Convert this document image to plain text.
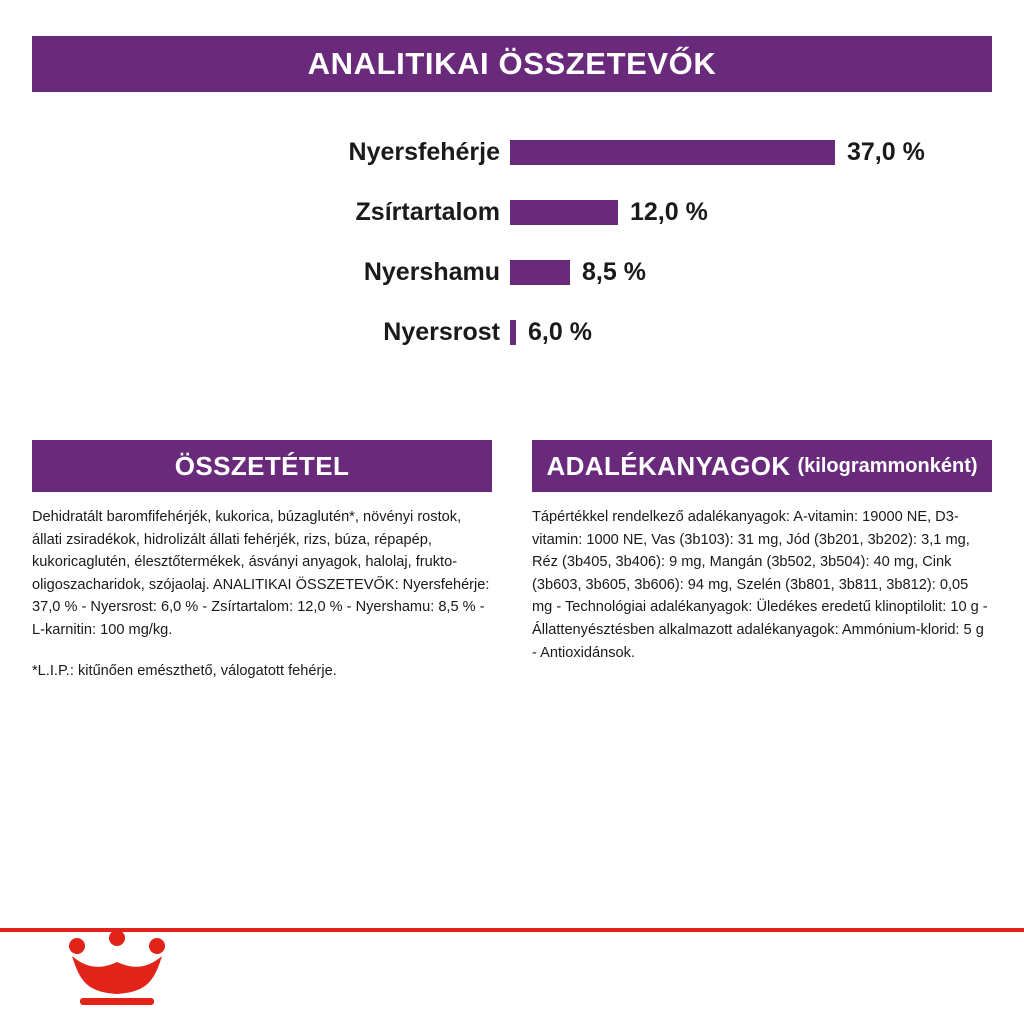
ANALITIKAI ÖSSZETEVŐK
Nyersfehérje	37,0 %
Zsírtartalom	12,0 %
Nyershamu	8,5 %
Nyersrost	6,0 %
ÖSSZETÉTEL

Dehidratált baromfifehérjék, kukorica, búzaglutén*, növényi rostok, állati zsiradékok, hidrolizált állati fehérjék, rizs, búza, répapép, kukoricaglutén, élesztőtermékek, ásványi anyagok, halolaj, frukto-oligoszacharidok, szójaolaj. ANALITIKAI ÖSSZETEVŐK: Nyersfehérje: 37,0 % - Nyersrost: 6,0 % - Zsírtartalom: 12,0 % - Nyershamu: 8,5 % - L-karnitin: 100 mg/kg.

*L.I.P.: kitűnően emészthető, válogatott fehérje.

ADALÉKANYAGOK (kilogrammonként)

Tápértékkel rendelkező adalékanyagok: A-vitamin: 19000 NE, D3-vitamin: 1000 NE, Vas (3b103): 31 mg, Jód (3b201, 3b202): 3,1 mg, Réz (3b405, 3b406): 9 mg, Mangán (3b502, 3b504): 40 mg, Cink (3b603, 3b605, 3b606): 94 mg, Szelén (3b801, 3b811, 3b812): 0,05 mg - Technológiai adalékanyagok: Üledékes eredetű klinoptilolit: 10 g - Állattenyésztésben alkalmazott adalékanyagok: Ammónium-klorid: 5 g - Antioxidánsok.
